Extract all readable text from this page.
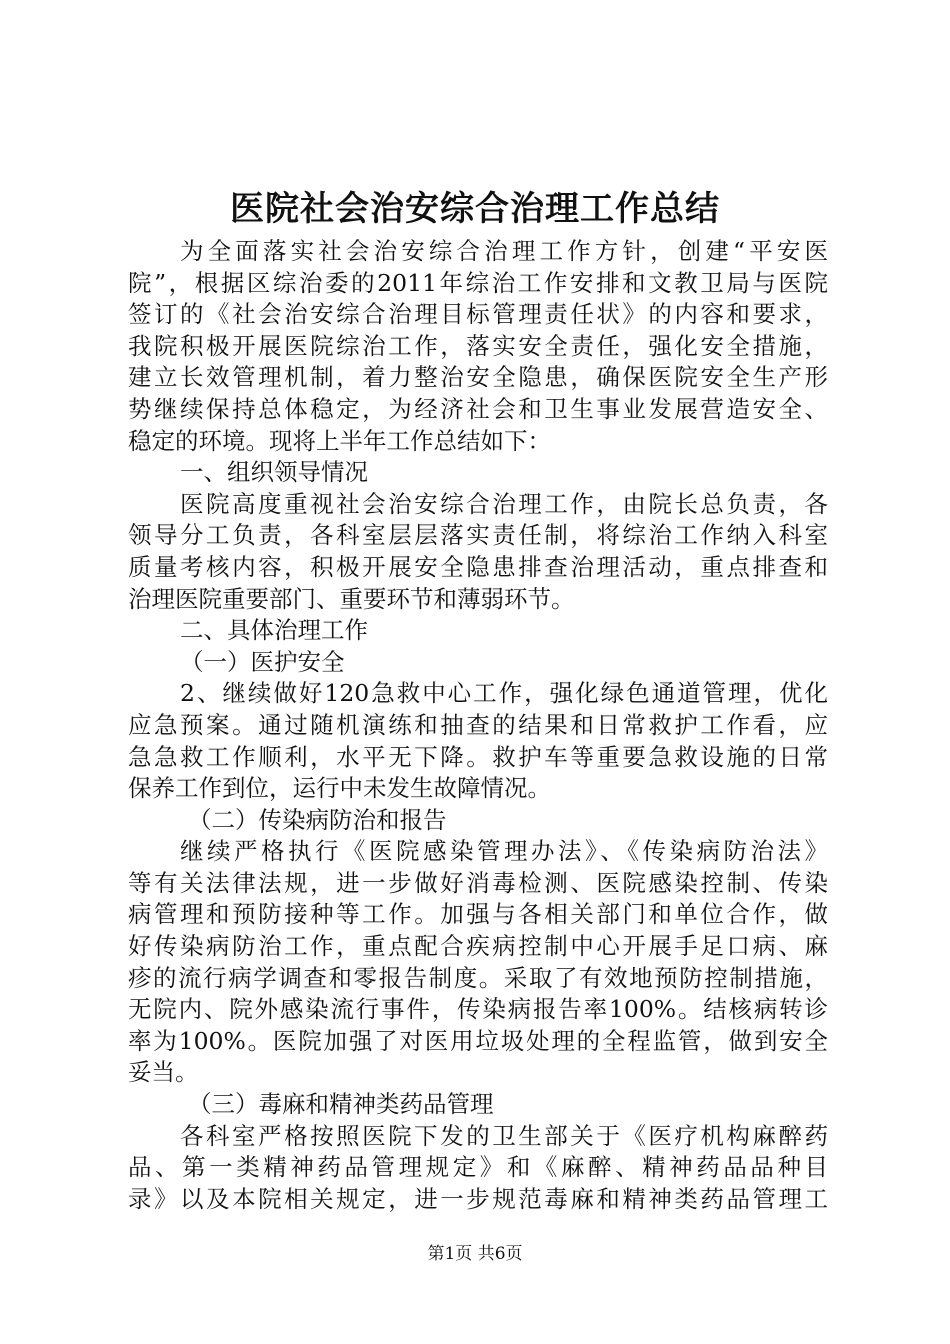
医院社会治安综合治理工作总结
为全面落实社会治安综合治理工作方针，创建“平安医
院”，根据区综治委的2011年综治工作安排和文教卫局与医院
签订的《社会治安综合治理目标管理责任状》的内容和要求，
我院积极开展医院综治工作，落实安全责任，强化安全措施，
建立长效管理机制，着力整治安全隐患，确保医院安全生产形
势继续保持总体稳定，为经济社会和卫生事业发展营造安全、
稳定的环境。现将上半年工作总结如下：
一、组织领导情况
医院高度重视社会治安综合治理工作，由院长总负责，各
领导分工负责，各科室层层落实责任制，将综治工作纳入科室
质量考核内容，积极开展安全隐患排查治理活动，重点排查和
治理医院重要部门、重要环节和薄弱环节。
二、具体治理工作
（一）医护安全
2、继续做好120急救中心工作，强化绿色通道管理，优化
应急预案。通过随机演练和抽查的结果和日常救护工作看，应
急急救工作顺利，水平无下降。救护车等重要急救设施的日常
保养工作到位，运行中未发生故障情况。
（二）传染病防治和报告
继续严格执行《医院感染管理办法》、《传染病防治法》
等有关法律法规，进一步做好消毒检测、医院感染控制、传染
病管理和预防接种等工作。加强与各相关部门和单位合作，做
好传染病防治工作，重点配合疾病控制中心开展手足口病、麻
疹的流行病学调查和零报告制度。采取了有效地预防控制措施，
无院内、院外感染流行事件，传染病报告率100%。结核病转诊
率为100%。医院加强了对医用垃圾处理的全程监管，做到安全
妥当。
（三）毒麻和精神类药品管理
各科室严格按照医院下发的卫生部关于《医疗机构麻醉药
品、第一类精神药品管理规定》和《麻醉、精神药品品种目
录》以及本院相关规定，进一步规范毒麻和精神类药品管理工
第1页 共6页
